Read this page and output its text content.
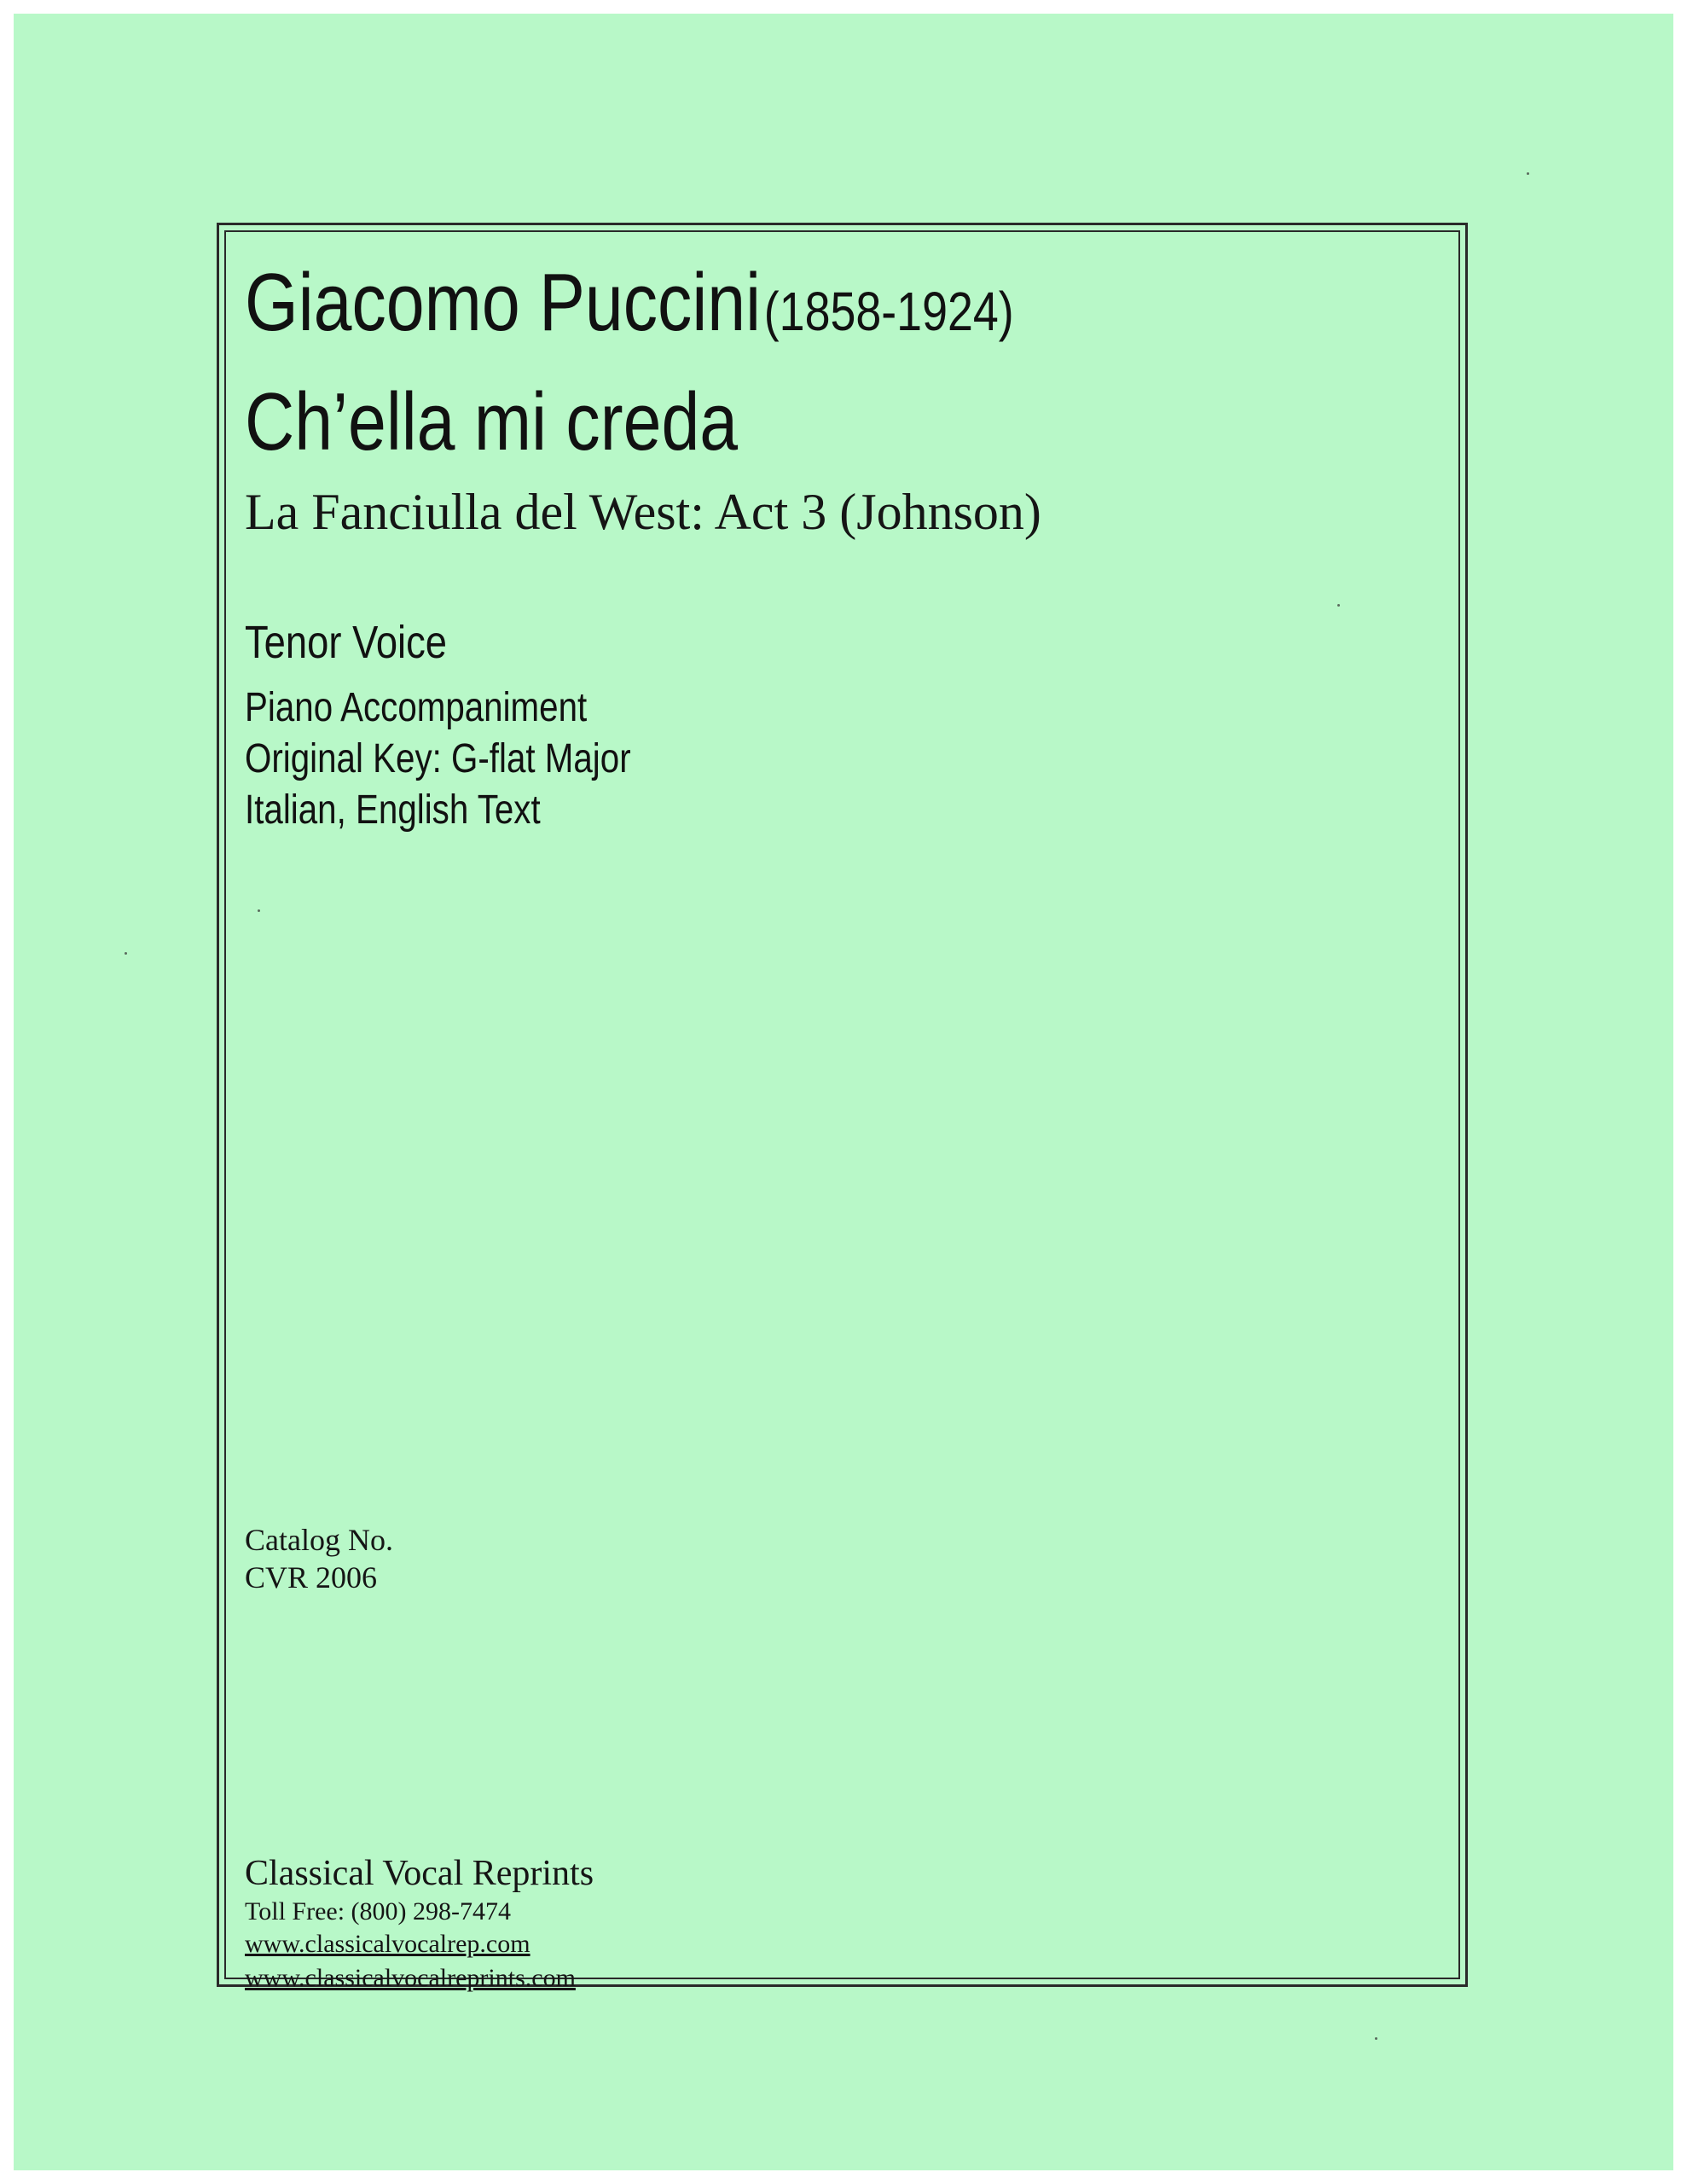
Giacomo Puccini (1858-1924)
Ch’ella mi creda
La Fanciulla del West: Act 3 (Johnson)
Tenor Voice
Piano Accompaniment
Original Key: G-flat Major
Italian, English Text
Catalog No.
CVR 2006
Classical Vocal Reprints
Toll Free: (800) 298-7474
www.classicalvocalrep.com
www.classicalvocalreprints.com
